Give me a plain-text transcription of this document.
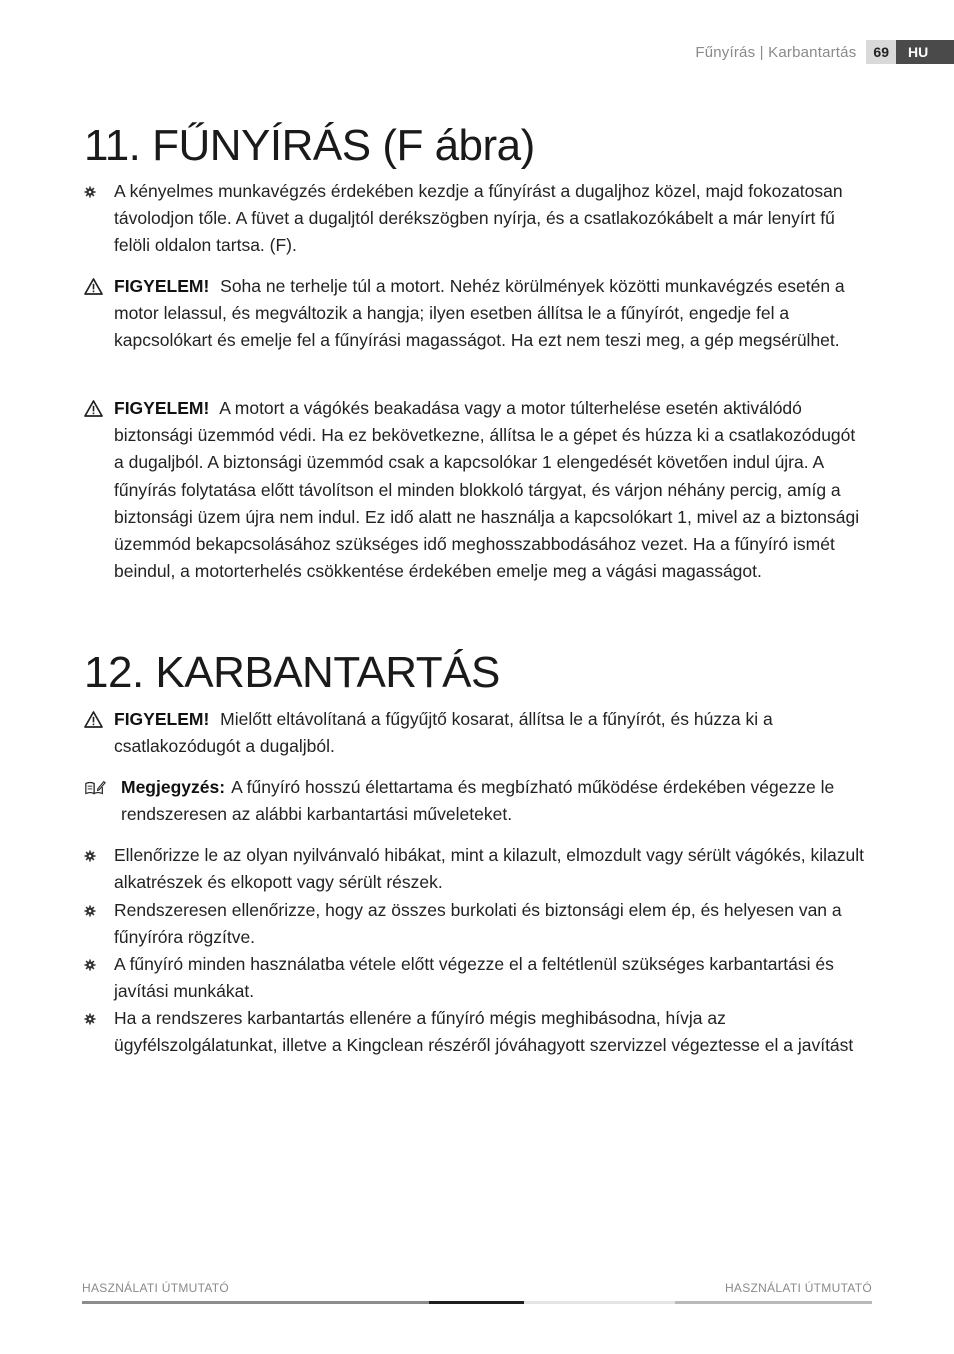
Fűnyírás | Karbantartás	69	HU
11. FŰNYÍRÁS (F ábra)
A kényelmes munkavégzés érdekében kezdje a fűnyírást a dugaljhoz közel, majd fokozatosan távolodjon tőle. A füvet a dugaljtól derékszögben nyírja, és a csatlakozókábelt a már lenyírt fű felöli oldalon tartsa. (F).
FIGYELEM! Soha ne terhelje túl a motort. Nehéz körülmények közötti munkavégzés esetén a motor lelassul, és megváltozik a hangja; ilyen esetben állítsa le a fűnyírót, engedje fel a kapcsolókart és emelje fel a fűnyírási magasságot. Ha ezt nem teszi meg, a gép megsérülhet.
FIGYELEM! A motort a vágókés beakadása vagy a motor túlterhelése esetén aktiválódó biztonsági üzemmód védi. Ha ez bekövetkezne, állítsa le a gépet és húzza ki a csatlakozódugót a dugaljból. A biztonsági üzemmód csak a kapcsolókar 1 elengedését követően indul újra. A fűnyírás folytatása előtt távolítson el minden blokkoló tárgyat, és várjon néhány percig, amíg a biztonsági üzem újra nem indul. Ez idő alatt ne használja a kapcsolókart 1, mivel az a biztonsági üzemmód bekapcsolásához szükséges idő meghosszabbodásához vezet. Ha a fűnyíró ismét beindul, a motorterhelés csökkentése érdekében emelje meg a vágási magasságot.
12. KARBANTARTÁS
FIGYELEM! Mielőtt eltávolítaná a fűgyűjtő kosarat, állítsa le a fűnyírót, és húzza ki a csatlakozódugót a dugaljból.
Megjegyzés: A fűnyíró hosszú élettartama és megbízható működése érdekében végezze le rendszeresen az alábbi karbantartási műveleteket.
Ellenőrizze le az olyan nyilvánvaló hibákat, mint a kilazult, elmozdult vagy sérült vágókés, kilazult alkatrészek és elkopott vagy sérült részek.
Rendszeresen ellenőrizze, hogy az összes burkolati és biztonsági elem ép, és helyesen van a fűnyíróra rögzítve.
A fűnyíró minden használatba vétele előtt végezze el a feltétlenül szükséges karbantartási és javítási munkákat.
Ha a rendszeres karbantartás ellenére a fűnyíró mégis meghibásodna, hívja az ügyfélszolgálatunkat, illetve a Kingclean részéről jóváhagyott szervizzel végeztesse el a javítást
HASZNÁLATI ÚTMUTATÓ	HASZNÁLATI ÚTMUTATÓ
